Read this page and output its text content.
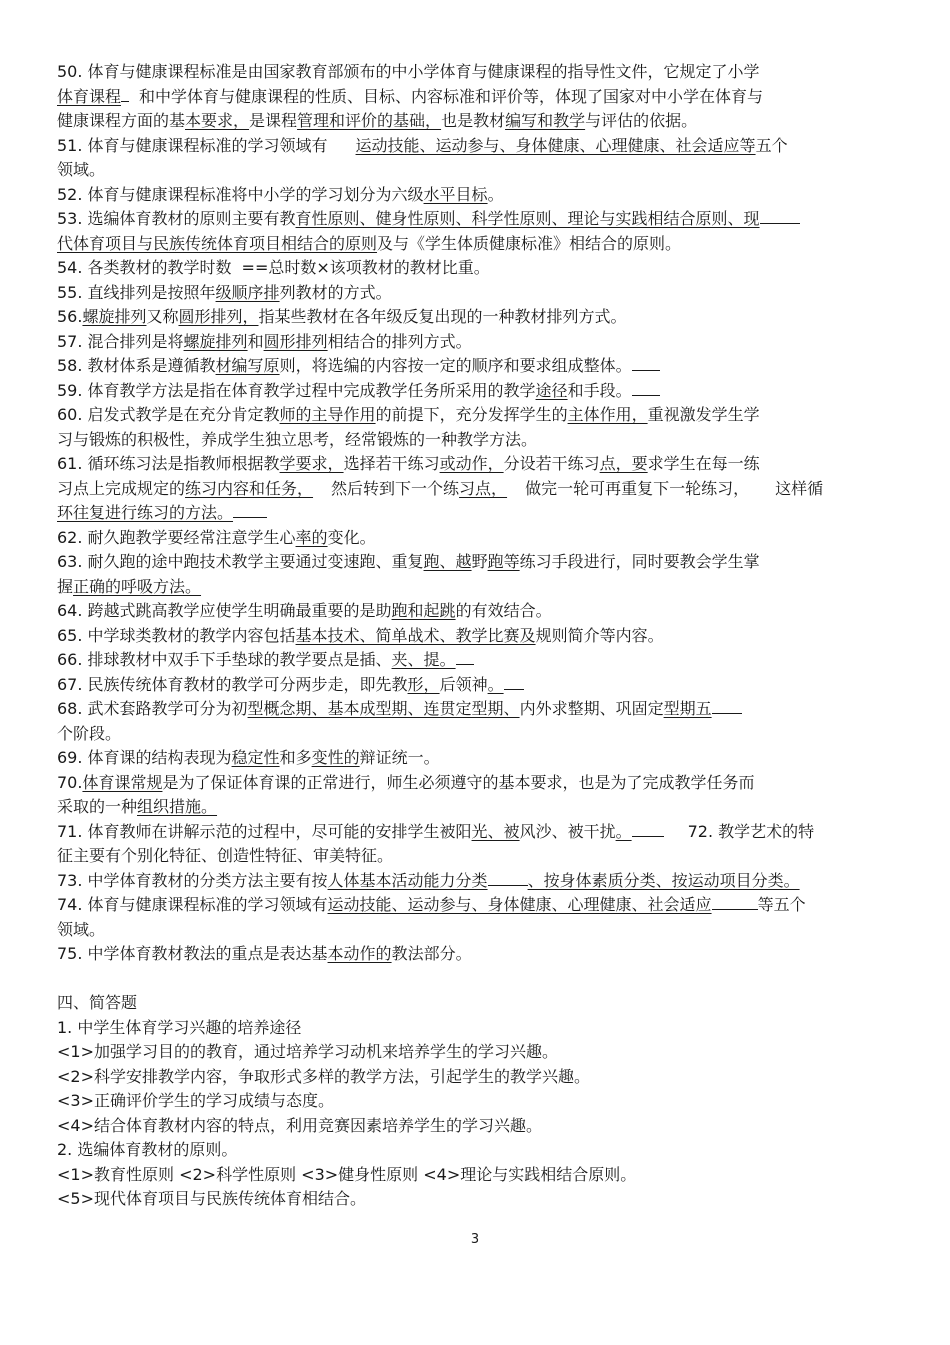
50. 体育与健康课程标准是由国家教育部颁布的中小学体育与健康课程的指导性文件，它规定了小学
体育课程 和中学体育与健康课程的性质、目标、内容标准和评价等，体现了国家对中小学在体育与
健康课程方面的基本要求，是课程管理和评价的基础，也是教材编写和教学与评估的依据。
51. 体育与健康课程标准的学习领域有 运动技能、运动参与、身体健康、心理健康、社会适应等五个
领域。
52. 体育与健康课程标准将中小学的学习划分为六级水平目标。
53. 选编体育教材的原则主要有教育性原则、健身性原则、科学性原则、理论与实践相结合原则、现
代体育项目与民族传统体育项目相结合的原则及与《学生体质健康标准》相结合的原则。
54. 各类教材的教学时数 ==总时数×该项教材的教材比重。
55. 直线排列是按照年级顺序排列教材的方式。
56.螺旋排列又称圆形排列，指某些教材在各年级反复出现的一种教材排列方式。
57. 混合排列是将螺旋排列和圆形排列相结合的排列方式。
58. 教材体系是遵循教材编写原则，将选编的内容按一定的顺序和要求组成整体。
59. 体育教学方法是指在体育教学过程中完成教学任务所采用的教学途径和手段。
60. 启发式教学是在充分肯定教师的主导作用的前提下，充分发挥学生的主体作用，重视激发学生学
习与锻炼的积极性，养成学生独立思考，经常锻炼的一种教学方法。
61. 循环练习法是指教师根据教学要求，选择若干练习或动作，分设若干练习点，要求学生在每一练
习点上完成规定的练习内容和任务， 然后转到下一个练习点， 做完一轮可再重复下一轮练习， 这样循
环往复进行练习的方法。
62. 耐久跑教学要经常注意学生心率的变化。
63. 耐久跑的途中跑技术教学主要通过变速跑、重复跑、越野跑等练习手段进行，同时要教会学生掌
握正确的呼吸方法。
64. 跨越式跳高教学应使学生明确最重要的是助跑和起跳的有效结合。
65. 中学球类教材的教学内容包括基本技术、简单战术、教学比赛及规则简介等内容。
66. 排球教材中双手下手垫球的教学要点是插、夹、提。
67. 民族传统体育教材的教学可分两步走，即先教形，后领神。
68. 武术套路教学可分为初型概念期、基本成型期、连贯定型期、内外求整期、巩固定型期五
个阶段。
69. 体育课的结构表现为稳定性和多变性的辩证统一。
70.体育课常规是为了保证体育课的正常进行，师生必须遵守的基本要求，也是为了完成教学任务而
采取的一种组织措施。
71. 体育教师在讲解示范的过程中，尽可能的安排学生被阳光、被风沙、被干扰。	72. 教学艺术的特
征主要有个别化特征、创造性特征、审美特征。
73. 中学体育教材的分类方法主要有按人体基本活动能力分类	、按身体素质分类、按运动项目分类。
74. 体育与健康课程标准的学习领域有运动技能、运动参与、身体健康、心理健康、社会适应	等五个
领域。
75. 中学体育教材教法的重点是表达基本动作的教法部分。
四、简答题
1. 中学生体育学习兴趣的培养途径
<1>加强学习目的的教育，通过培养学习动机来培养学生的学习兴趣。
<2>科学安排教学内容，争取形式多样的教学方法，引起学生的教学兴趣。
<3>正确评价学生的学习成绩与态度。
<4>结合体育教材内容的特点，利用竞赛因素培养学生的学习兴趣。
2. 选编体育教材的原则。
<1>教育性原则 <2>科学性原则 <3>健身性原则 <4>理论与实践相结合原则。
<5>现代体育项目与民族传统体育相结合。
3
